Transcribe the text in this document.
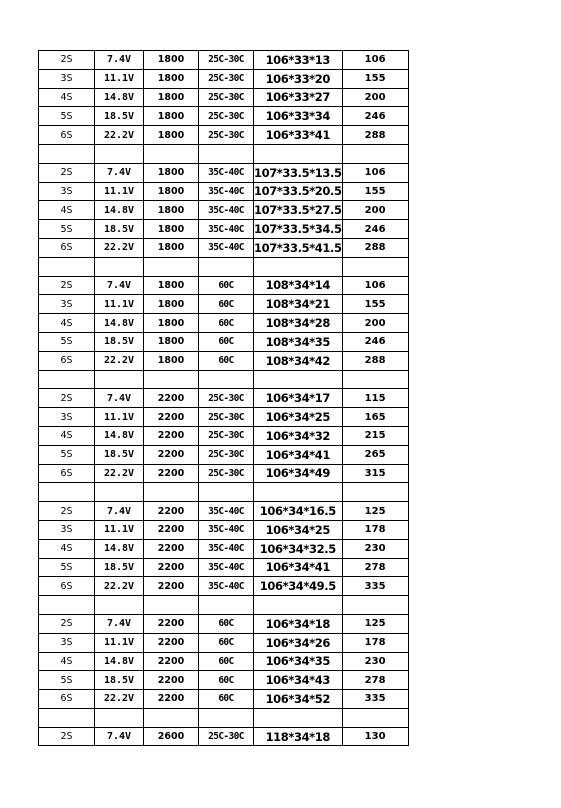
2S	7.4V	1800	25C-30C	106*33*13	106
3S	11.1V	1800	25C-30C	106*33*20	155
4S	14.8V	1800	25C-30C	106*33*27	200
5S	18.5V	1800	25C-30C	106*33*34	246
6S	22.2V	1800	25C-30C	106*33*41	288

2S	7.4V	1800	35C-40C	107*33.5*13.5	106
3S	11.1V	1800	35C-40C	107*33.5*20.5	155
4S	14.8V	1800	35C-40C	107*33.5*27.5	200
5S	18.5V	1800	35C-40C	107*33.5*34.5	246
6S	22.2V	1800	35C-40C	107*33.5*41.5	288

2S	7.4V	1800	60C	108*34*14	106
3S	11.1V	1800	60C	108*34*21	155
4S	14.8V	1800	60C	108*34*28	200
5S	18.5V	1800	60C	108*34*35	246
6S	22.2V	1800	60C	108*34*42	288

2S	7.4V	2200	25C-30C	106*34*17	115
3S	11.1V	2200	25C-30C	106*34*25	165
4S	14.8V	2200	25C-30C	106*34*32	215
5S	18.5V	2200	25C-30C	106*34*41	265
6S	22.2V	2200	25C-30C	106*34*49	315

2S	7.4V	2200	35C-40C	106*34*16.5	125
3S	11.1V	2200	35C-40C	106*34*25	178
4S	14.8V	2200	35C-40C	106*34*32.5	230
5S	18.5V	2200	35C-40C	106*34*41	278
6S	22.2V	2200	35C-40C	106*34*49.5	335

2S	7.4V	2200	60C	106*34*18	125
3S	11.1V	2200	60C	106*34*26	178
4S	14.8V	2200	60C	106*34*35	230
5S	18.5V	2200	60C	106*34*43	278
6S	22.2V	2200	60C	106*34*52	335

2S	7.4V	2600	25C-30C	118*34*18	130
